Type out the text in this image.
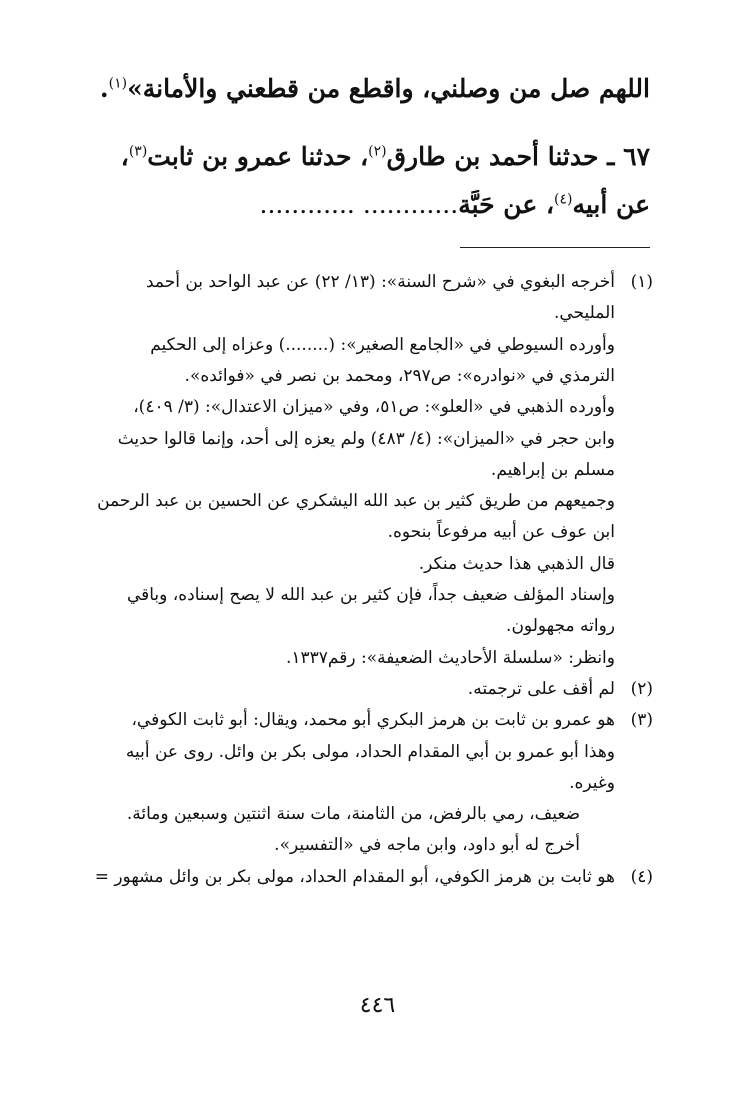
اللهم صل من وصلني، واقطع من قطعني والأمانة»$^{(١)}$.
٦٧ ـ حدثنا أحمد بن طارق$^{(٢)}$، حدثنا عمرو بن ثابت$^{(٣)}$،
عن أبيه$^{(٤)}$، عن حَبَّة............ ............
(١)
أخرجه البغوي في «شرح السنة»: (١٣/ ٢٢) عن عبد الواحد بن أحمد
المليحي.
وأورده السيوطي في «الجامع الصغير»: (........) وعزاه إلى الحكيم
الترمذي في «نوادره»: ص٢٩٧، ومحمد بن نصر في «فوائده».
وأورده الذهبي في «العلو»: ص٥١، وفي «ميزان الاعتدال»: (٣/ ٤٠٩)،
وابن حجر في «الميزان»: (٤/ ٤٨٣) ولم يعزه إلى أحد، وإنما قالوا حديث
مسلم بن إبراهيم.
وجميعهم من طريق كثير بن عبد الله اليشكري عن الحسين بن عبد الرحمن
ابن عوف عن أبيه مرفوعاً بنحوه.
قال الذهبي هذا حديث منكر.
وإسناد المؤلف ضعيف جداً، فإن كثير بن عبد الله لا يصح إسناده، وباقي
رواته مجهولون.
وانظر: «سلسلة الأحاديث الضعيفة»: رقم١٣٣٧.
(٢)
لم أقف على ترجمته.
(٣)
هو عمرو بن ثابت بن هرمز البكري أبو محمد، ويقال: أبو ثابت الكوفي،
وهذا أبو عمرو بن أبي المقدام الحداد، مولى بكر بن وائل. روى عن أبيه
وغيره.
ضعيف، رمي بالرفض، من الثامنة، مات سنة اثنتين وسبعين ومائة.
أخرج له أبو داود، وابن ماجه في «التفسير».
(٤)
هو ثابت بن هرمز الكوفي، أبو المقدام الحداد، مولى بكر بن وائل مشهور =
٤٤٦
